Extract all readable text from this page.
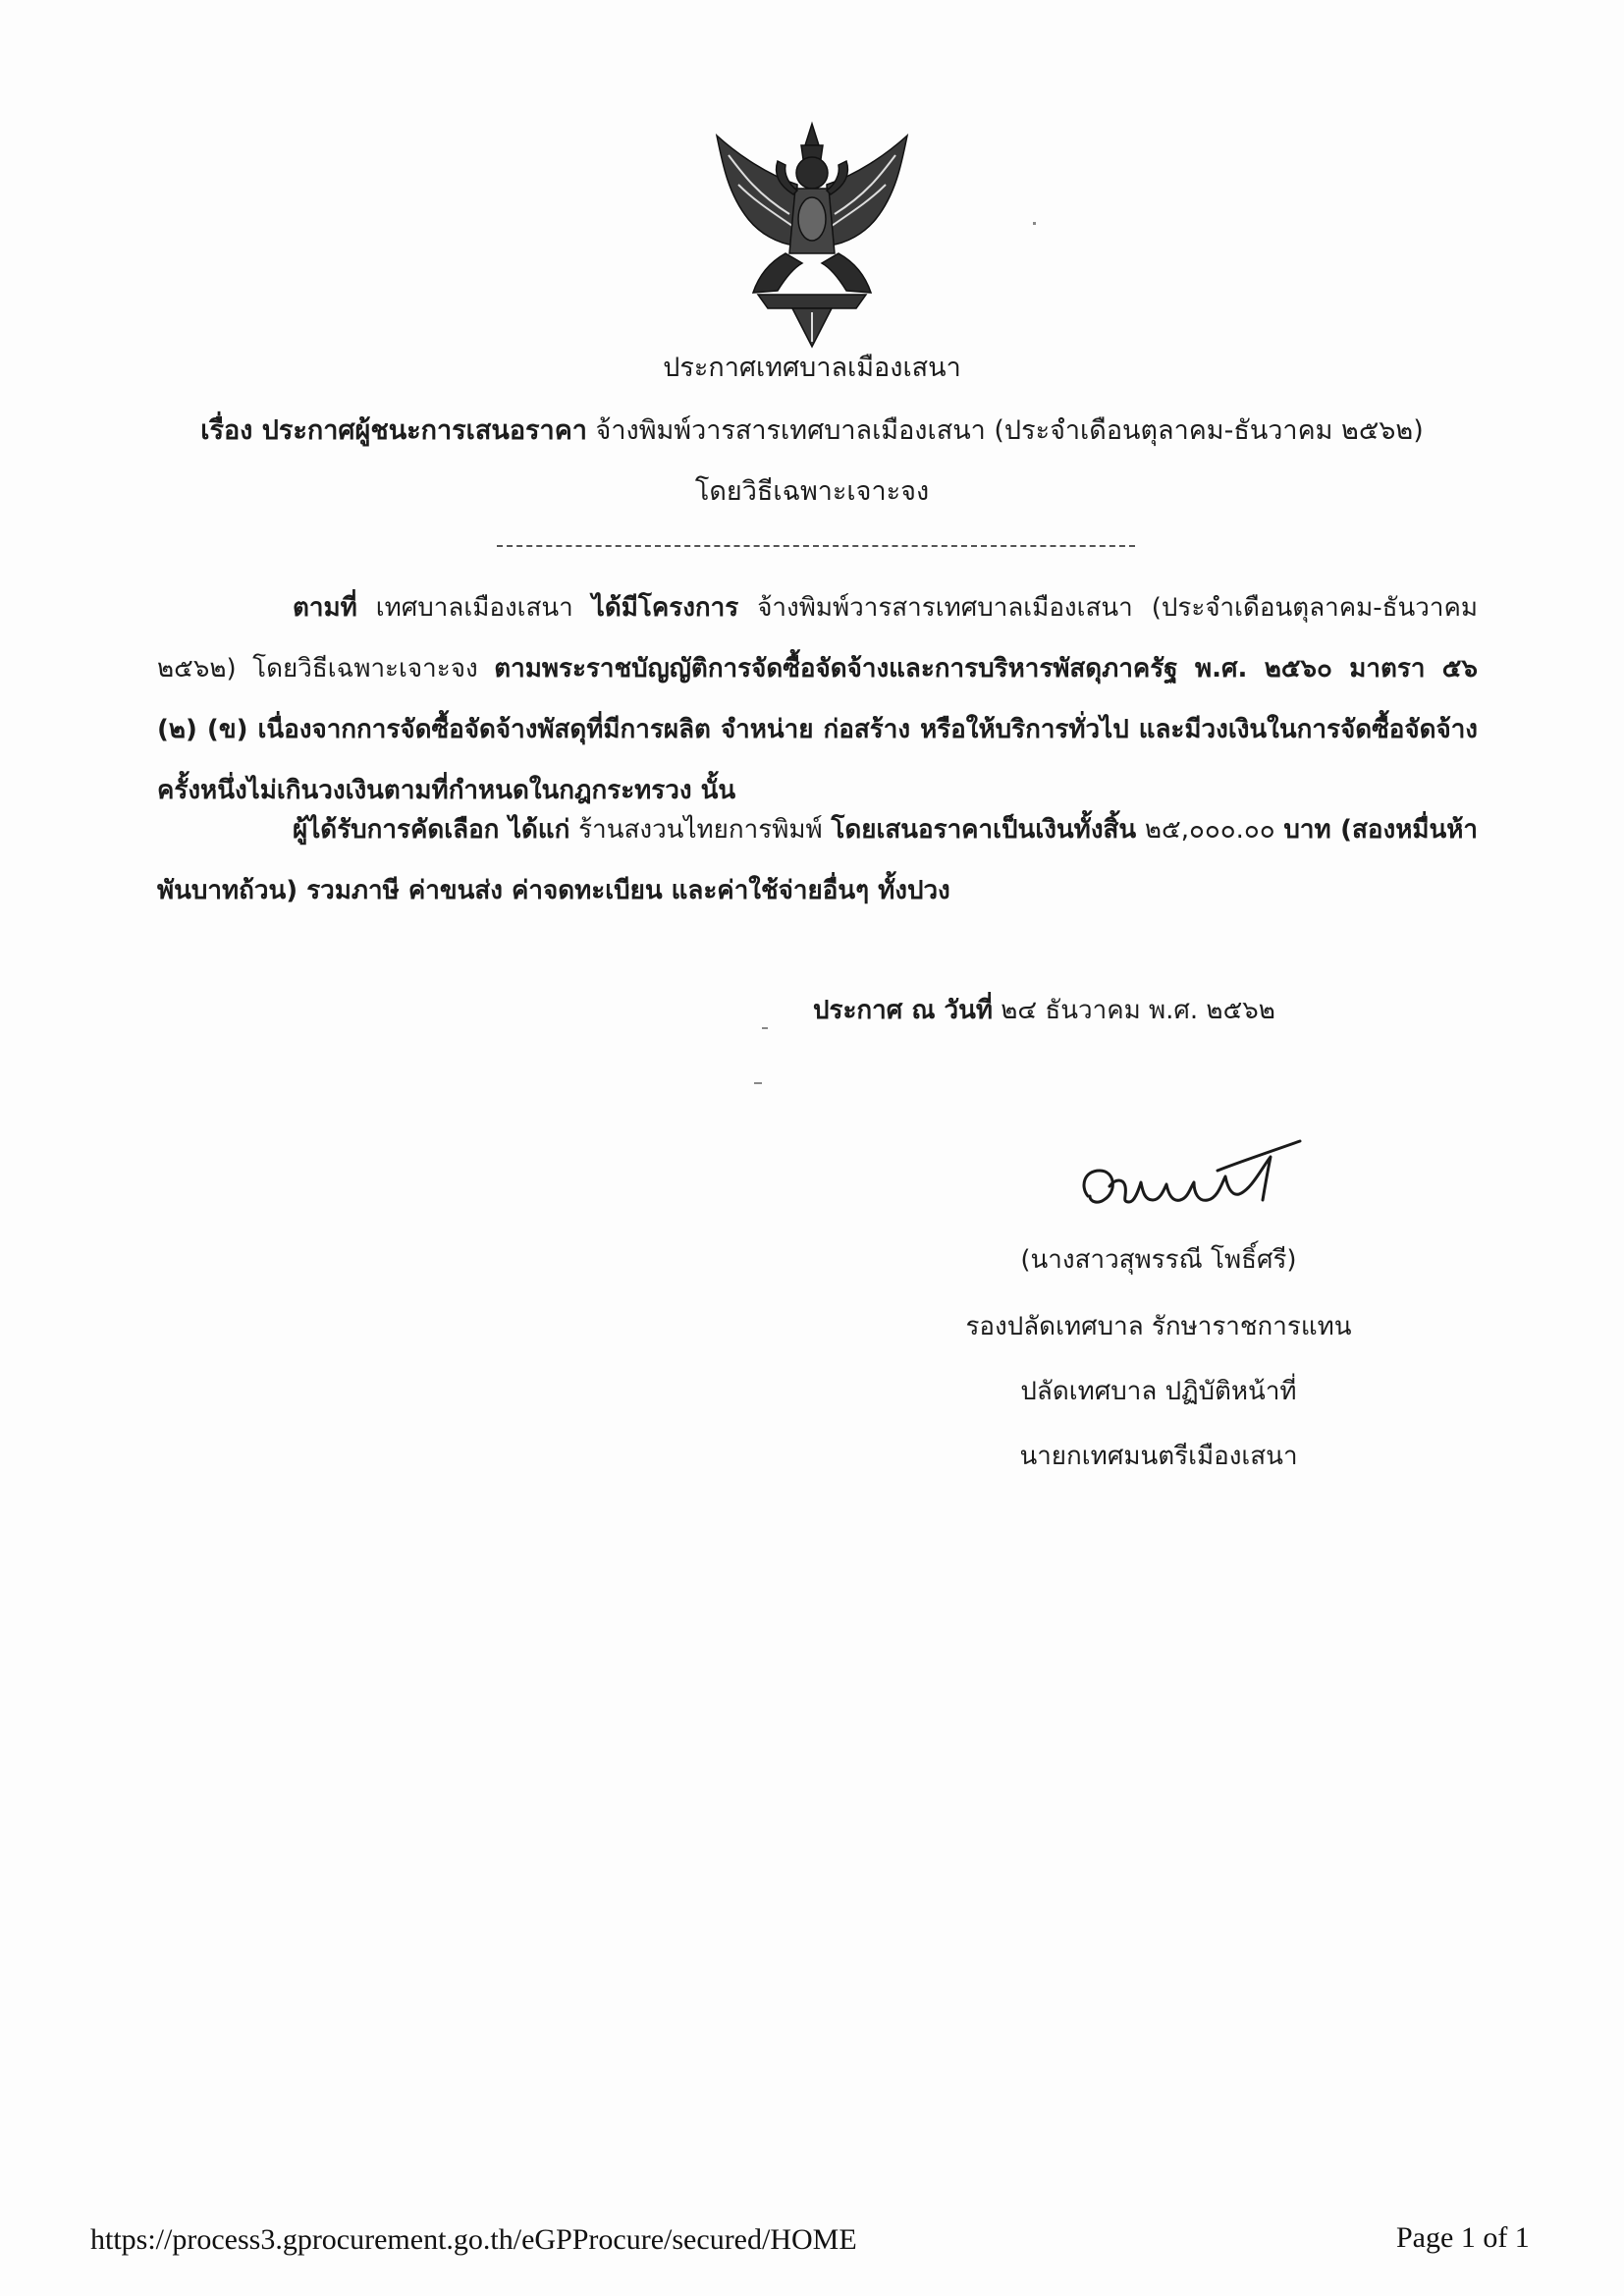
ประกาศเทศบาลเมืองเสนา
เรื่อง ประกาศผู้ชนะการเสนอราคา จ้างพิมพ์วารสารเทศบาลเมืองเสนา (ประจำเดือนตุลาคม-ธันวาคม ๒๕๖๒)
โดยวิธีเฉพาะเจาะจง
ตามที่ เทศบาลเมืองเสนา ได้มีโครงการ จ้างพิมพ์วารสารเทศบาลเมืองเสนา (ประจำเดือนตุลาคม-ธันวาคม ๒๕๖๒) โดยวิธีเฉพาะเจาะจง ตามพระราชบัญญัติการจัดซื้อจัดจ้างและการบริหารพัสดุภาครัฐ พ.ศ. ๒๕๖๐ มาตรา ๕๖ (๒) (ข) เนื่องจากการจัดซื้อจัดจ้างพัสดุที่มีการผลิต จำหน่าย ก่อสร้าง หรือให้บริการทั่วไป และมีวงเงินในการจัดซื้อจัดจ้างครั้งหนึ่งไม่เกินวงเงินตามที่กำหนดในกฎกระทรวง นั้น
ผู้ได้รับการคัดเลือก ได้แก่ ร้านสงวนไทยการพิมพ์ โดยเสนอราคาเป็นเงินทั้งสิ้น ๒๕,๐๐๐.๐๐ บาท (สองหมื่นห้าพันบาทถ้วน) รวมภาษี ค่าขนส่ง ค่าจดทะเบียน และค่าใช้จ่ายอื่นๆ ทั้งปวง
ประกาศ ณ วันที่ ๒๔ ธันวาคม พ.ศ. ๒๕๖๒
(นางสาวสุพรรณี โพธิ์ศรี)
รองปลัดเทศบาล รักษาราชการแทน
ปลัดเทศบาล ปฏิบัติหน้าที่
นายกเทศมนตรีเมืองเสนา
https://process3.gprocurement.go.th/eGPProcure/secured/HOME	Page 1 of 1
